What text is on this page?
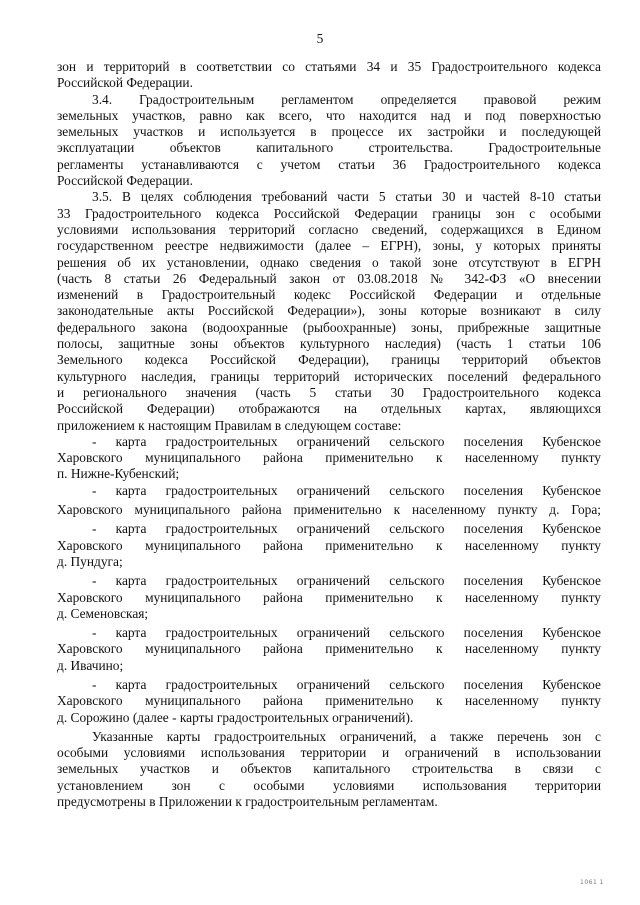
5
зон и территорий в соответствии со статьями 34 и 35 Градостроительного кодекса
Российской Федерации.
3.4. Градостроительным регламентом определяется правовой режим
земельных участков, равно как всего, что находится над и под поверхностью
земельных участков и используется в процессе их застройки и последующей
эксплуатации объектов капитального строительства. Градостроительные
регламенты устанавливаются с учетом статьи 36 Градостроительного кодекса
Российской Федерации.
3.5. В целях соблюдения требований части 5 статьи 30 и частей 8-10 статьи
33 Градостроительного кодекса Российской Федерации границы зон с особыми
условиями использования территорий согласно сведений, содержащихся в Едином
государственном реестре недвижимости (далее – ЕГРН), зоны, у которых приняты
решения об их установлении, однако сведения о такой зоне отсутствуют в ЕГРН
(часть 8 статьи 26 Федеральный закон от 03.08.2018 № 342-ФЗ «О внесении
изменений в Градостроительный кодекс Российской Федерации и отдельные
законодательные акты Российской Федерации»), зоны которые возникают в силу
федерального закона (водоохранные (рыбоохранные) зоны, прибрежные защитные
полосы, защитные зоны объектов культурного наследия) (часть 1 статьи 106
Земельного кодекса Российской Федерации), границы территорий объектов
культурного наследия, границы территорий исторических поселений федерального
и регионального значения (часть 5 статьи 30 Градостроительного кодекса
Российской Федерации) отображаются на отдельных картах, являющихся
приложением к настоящим Правилам в следующем составе:
- карта градостроительных ограничений сельского поселения Кубенское
Харовского муниципального района применительно к населенному пункту
п. Нижне-Кубенский;
- карта градостроительных ограничений сельского поселения Кубенское
Харовского муниципального района применительно к населенному пункту д. Гора;
- карта градостроительных ограничений сельского поселения Кубенское
Харовского муниципального района применительно к населенному пункту
д. Пундуга;
- карта градостроительных ограничений сельского поселения Кубенское
Харовского муниципального района применительно к населенному пункту
д. Семеновская;
- карта градостроительных ограничений сельского поселения Кубенское
Харовского муниципального района применительно к населенному пункту
д. Ивачино;
- карта градостроительных ограничений сельского поселения Кубенское
Харовского муниципального района применительно к населенному пункту
д. Сорожино (далее - карты градостроительных ограничений).
Указанные карты градостроительных ограничений, а также перечень зон с
особыми условиями использования территории и ограничений в использовании
земельных участков и объектов капитального строительства в связи с
установлением зон с особыми условиями использования территории
предусмотрены в Приложении к градостроительным регламентам.
1061 1
